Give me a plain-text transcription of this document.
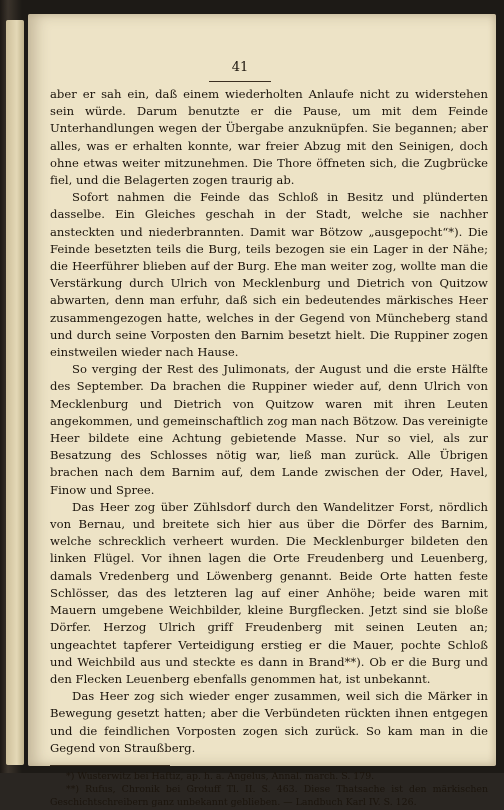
41

aber er sah ein, daß einem wiederholten Anlaufe nicht zu widerstehen sein würde. Darum benutzte er die Pause, um mit dem Feinde Unterhandlungen wegen der Übergabe anzuknüpfen. Sie begannen; aber alles, was er erhalten konnte, war freier Abzug mit den Seinigen, doch ohne etwas weiter mitzunehmen. Die Thore öffneten sich, die Zugbrücke fiel, und die Belagerten zogen traurig ab.

Sofort nahmen die Feinde das Schloß in Besitz und plünderten dasselbe. Ein Gleiches geschah in der Stadt, welche sie nachher ansteckten und niederbrannten. Damit war Bötzow „ausgepocht“*). Die Feinde besetzten teils die Burg, teils bezogen sie ein Lager in der Nähe; die Heerführer blieben auf der Burg. Ehe man weiter zog, wollte man die Verstärkung durch Ulrich von Mecklenburg und Dietrich von Quitzow abwarten, denn man erfuhr, daß sich ein bedeutendes märkisches Heer zusammengezogen hatte, welches in der Gegend von Müncheberg stand und durch seine Vorposten den Barnim besetzt hielt. Die Ruppiner zogen einstweilen wieder nach Hause.

So verging der Rest des Julimonats, der August und die erste Hälfte des September. Da brachen die Ruppiner wieder auf, denn Ulrich von Mecklenburg und Dietrich von Quitzow waren mit ihren Leuten angekommen, und gemeinschaftlich zog man nach Bötzow. Das vereinigte Heer bildete eine Achtung gebietende Masse. Nur so viel, als zur Besatzung des Schlosses nötig war, ließ man zurück. Alle Übrigen brachen nach dem Barnim auf, dem Lande zwischen der Oder, Havel, Finow und Spree.

Das Heer zog über Zühlsdorf durch den Wandelitzer Forst, nördlich von Bernau, und breitete sich hier aus über die Dörfer des Barnim, welche schrecklich verheert wurden. Die Mecklenburger bildeten den linken Flügel. Vor ihnen lagen die Orte Freudenberg und Leuenberg, damals Vredenberg und Löwenberg genannt. Beide Orte hatten feste Schlösser, das des letzteren lag auf einer Anhöhe; beide waren mit Mauern umgebene Weichbilder, kleine Burgflecken. Jetzt sind sie bloße Dörfer. Herzog Ulrich griff Freudenberg mit seinen Leuten an; ungeachtet tapferer Verteidigung erstieg er die Mauer, pochte Schloß und Weichbild aus und steckte es dann in Brand**). Ob er die Burg und den Flecken Leuenberg ebenfalls genommen hat, ist unbekannt.

Das Heer zog sich wieder enger zusammen, weil sich die Märker in Bewegung gesetzt hatten; aber die Verbündeten rückten ihnen entgegen und die feindlichen Vorposten zogen sich zurück. So kam man in die Gegend von Straußberg.

*) Wusterwitz bei Haftiz, ap. h. a. Angelus, Annal. march. S. 179.

**) Rufus, Chronik bei Grotuff Tl. II. S. 463. Diese Thatsache ist den märkischen Geschichtschreibern ganz unbekannt geblieben. — Landbuch Karl IV. S. 126.
